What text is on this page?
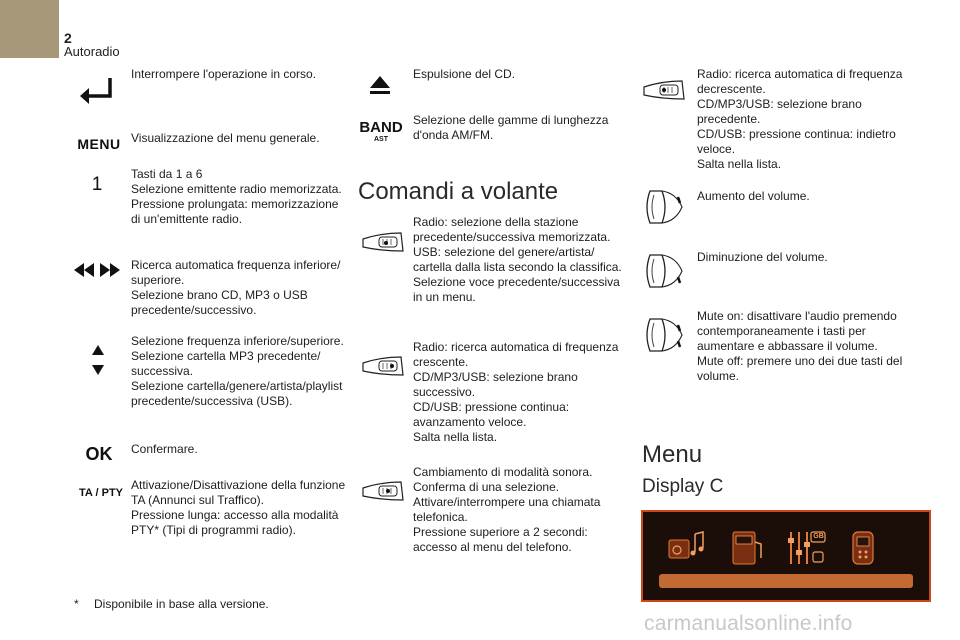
2
Autoradio
Interrompere l'operazione in corso.
MENU Visualizzazione del menu generale.
1	Tasti da 1 a 6
Selezione emittente radio memorizzata.
Pressione prolungata: memorizzazione
di un'emittente radio.
Ricerca automatica frequenza inferiore/
superiore.
Selezione brano CD, MP3 o USB
precedente/successivo.
Selezione frequenza inferiore/superiore.
Selezione cartella MP3 precedente/
successiva.
Selezione cartella/genere/artista/playlist
precedente/successiva (USB).
OK Confermare.
TA / PTY
Attivazione/Disattivazione della funzione
TA (Annunci sul Traffico).
Pressione lunga: accesso alla modalità
PTY* (Tipi di programmi radio).
Espulsione del CD.
BAND
AST
Selezione delle gamme di lunghezza
d'onda AM/FM.
Comandi a volante
Radio: selezione della stazione
precedente/successiva memorizzata.
USB: selezione del genere/artista/
cartella dalla lista secondo la classifica.
Selezione voce precedente/successiva
in un menu.
Radio: ricerca automatica di frequenza
crescente.
CD/MP3/USB: selezione brano
successivo.
CD/USB: pressione continua:
avanzamento veloce.
Salta nella lista.
Cambiamento di modalità sonora.
Conferma di una selezione.
Attivare/interrompere una chiamata
telefonica.
Pressione superiore a 2 secondi:
accesso al menu del telefono.
Radio: ricerca automatica di frequenza
decrescente.
CD/MP3/USB: selezione brano
precedente.
CD/USB: pressione continua: indietro
veloce.
Salta nella lista.
Aumento del volume.
Diminuzione del volume.
Mute on: disattivare l'audio premendo
contemporaneamente i tasti per
aumentare e abbassare il volume.
Mute off: premere uno dei due tasti del
volume.
Menu
Display C
GB
* Disponibile in base alla versione.
carmanualsonline.info
